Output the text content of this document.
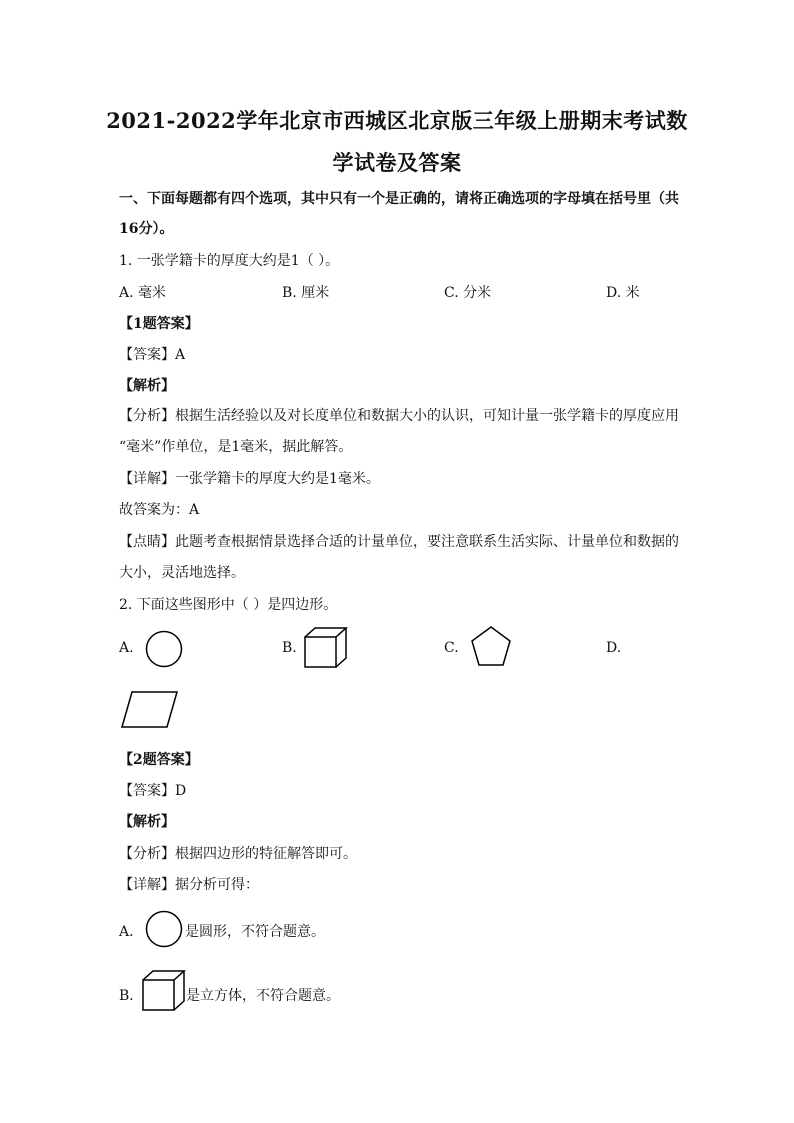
2021-2022学年北京市西城区北京版三年级上册期末考试数
学试卷及答案
一、下面每题都有四个选项，其中只有一个是正确的，请将正确选项的字母填在括号里（共
16分）。
1. 一张学籍卡的厚度大约是1（ ）。
A. 毫米	B. 厘米	C. 分米	D. 米
【1题答案】
【答案】A
【解析】
【分析】根据生活经验以及对长度单位和数据大小的认识，可知计量一张学籍卡的厚度应用
“毫米”作单位，是1毫米，据此解答。
【详解】一张学籍卡的厚度大约是1毫米。
故答案为：A
【点睛】此题考查根据情景选择合适的计量单位，要注意联系生活实际、计量单位和数据的
大小，灵活地选择。
2. 下面这些图形中（ ）是四边形。
A.	B.	C.	D.
【2题答案】
【答案】D
【解析】
【分析】根据四边形的特征解答即可。
【详解】据分析可得：
A．	是圆形，不符合题意。
B．	是立方体，不符合题意。
